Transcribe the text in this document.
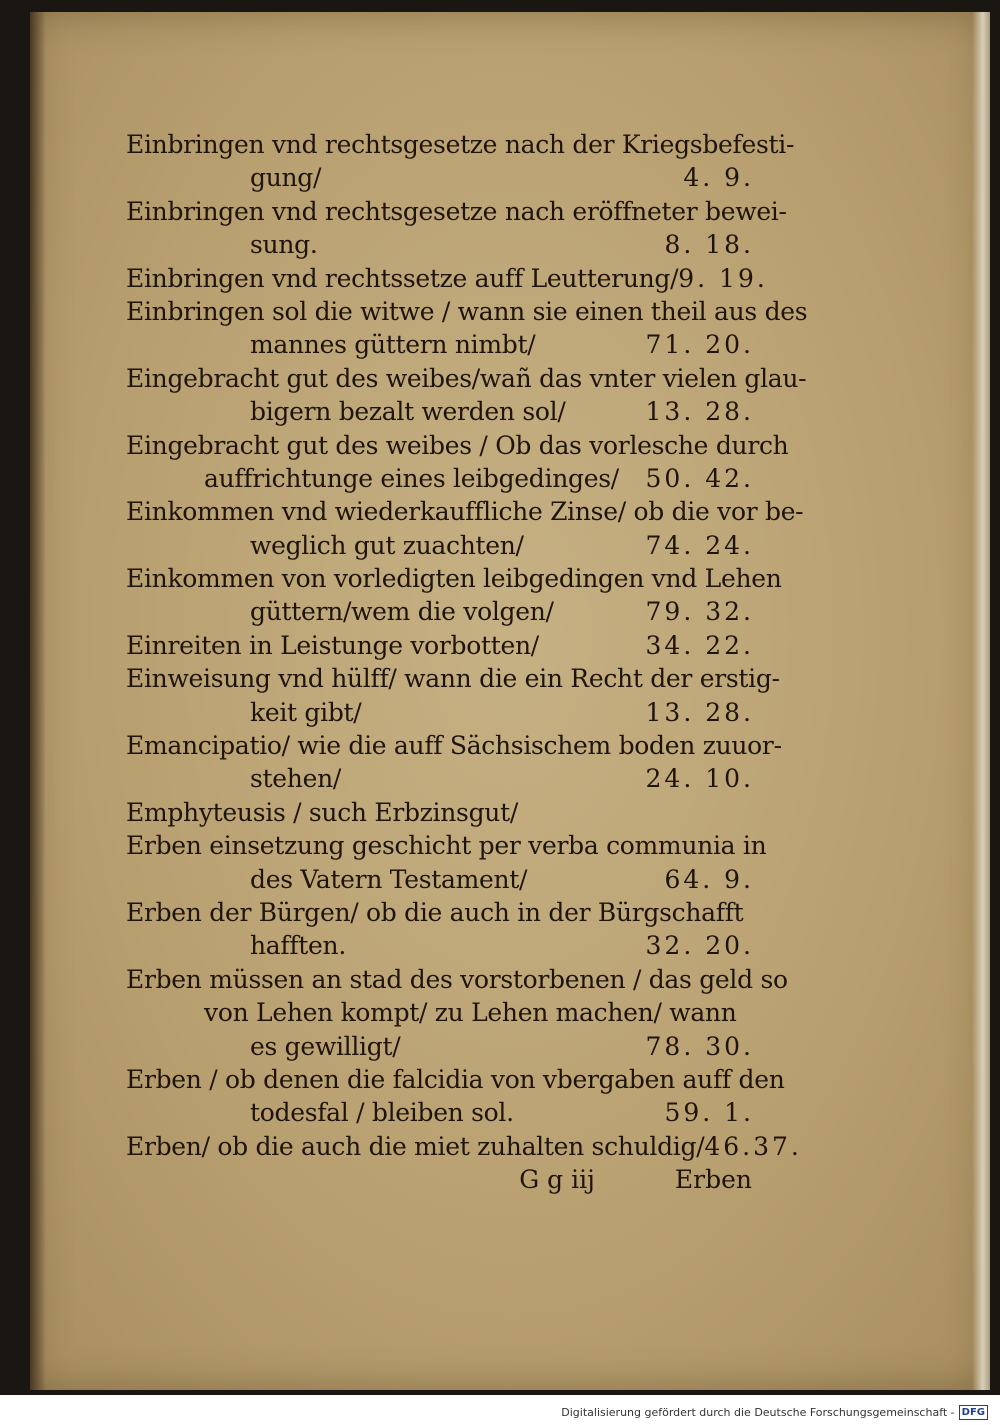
Einbringen vnd rechtsgesetze nach der Kriegsbefesti-
gung/	4. 9.
Einbringen vnd rechtsgesetze nach eröffneter bewei-
sung.	8. 18.
Einbringen vnd rechtssetze auff Leutterung/ 9. 19.
Einbringen sol die witwe / wann sie einen theil aus des
mannes güttern nimbt/	71. 20.
Eingebracht gut des weibes/wañ das vnter vielen glau-
bigern bezalt werden sol/	13. 28.
Eingebracht gut des weibes / Ob das vorlesche durch
auffrichtunge eines leibgedinges/ 50. 42.
Einkommen vnd wiederkauffliche Zinse/ ob die vor be-
weglich gut zuachten/	74. 24.
Einkommen von vorledigten leibgedingen vnd Lehen
güttern/wem die volgen/	79. 32.
Einreiten in Leistunge vorbotten/	34. 22.
Einweisung vnd hülff/ wann die ein Recht der erstig-
keit gibt/	13. 28.
Emancipatio/ wie die auff Sächsischem boden zuuor-
stehen/	24. 10.
Emphyteusis / such Erbzinsgut/
Erben einsetzung geschicht per verba communia in
des Vatern Testament/	64. 9.
Erben der Bürgen/ ob die auch in der Bürgschafft
hafften.	32. 20.
Erben müssen an stad des vorstorbenen / das geld so
von Lehen kompt/ zu Lehen machen/ wann
es gewilligt/	78. 30.
Erben / ob denen die falcidia von vbergaben auff den
todesfal / bleiben sol.	59. 1.
Erben/ ob die auch die miet zuhalten schuldig/ 46.37.
G g iij	Erben
Digitalisierung gefördert durch die Deutsche Forschungsgemeinschaft - DFG
